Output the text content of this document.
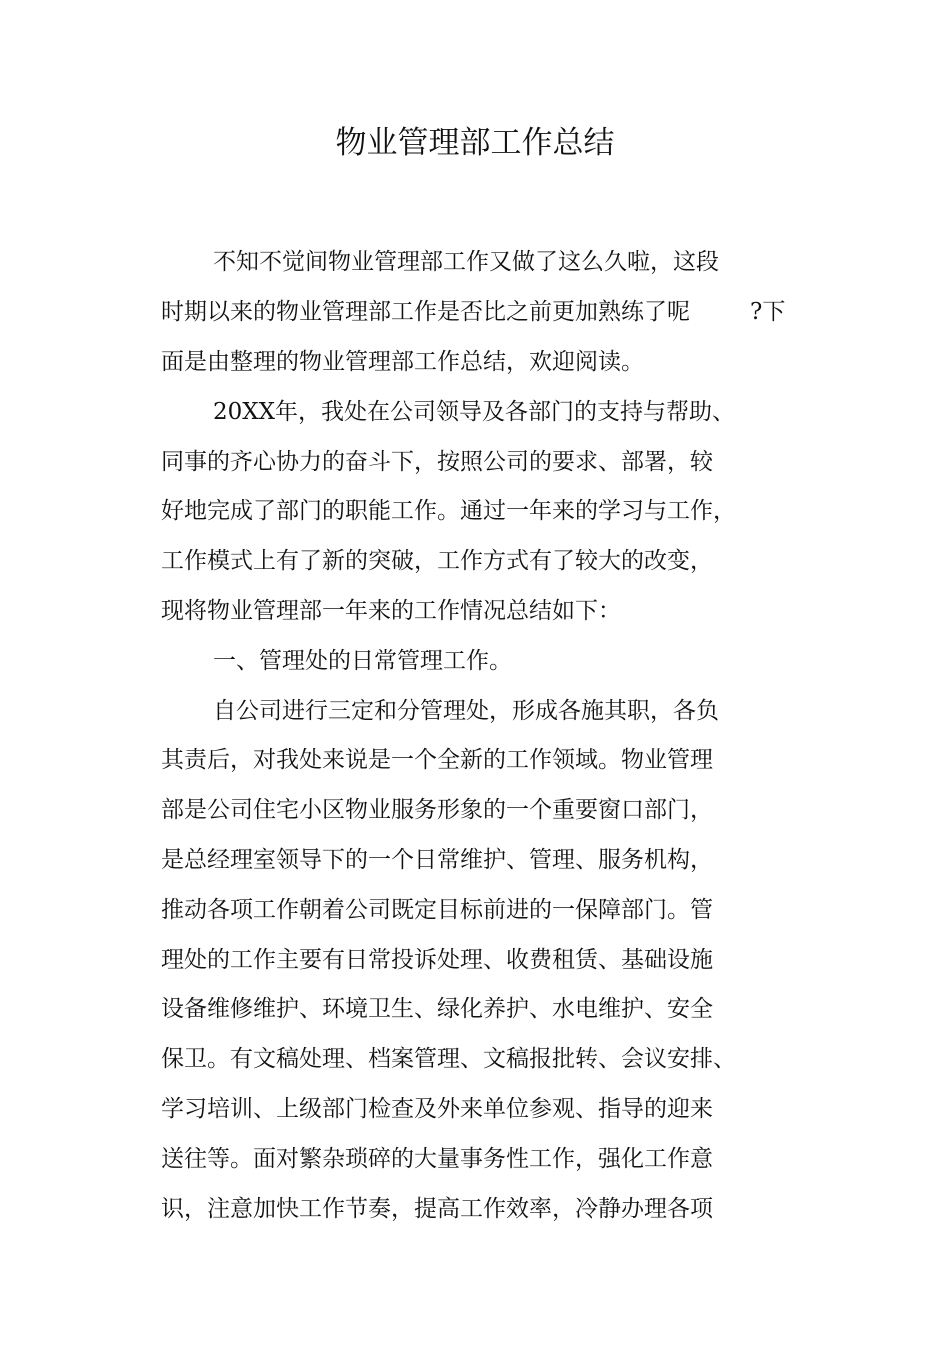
物业管理部工作总结
不知不觉间物业管理部工作又做了这么久啦，这段
时期以来的物业管理部工作是否比之前更加熟练了呢	?下
面是由整理的物业管理部工作总结，欢迎阅读。
20XX年，我处在公司领导及各部门的支持与帮助、
同事的齐心协力的奋斗下，按照公司的要求、部署，较
好地完成了部门的职能工作。通过一年来的学习与工作，
工作模式上有了新的突破，工作方式有了较大的改变，
现将物业管理部一年来的工作情况总结如下：
一、管理处的日常管理工作。
自公司进行三定和分管理处，形成各施其职，各负
其责后，对我处来说是一个全新的工作领域。物业管理
部是公司住宅小区物业服务形象的一个重要窗口部门，
是总经理室领导下的一个日常维护、管理、服务机构，
推动各项工作朝着公司既定目标前进的一保障部门。管
理处的工作主要有日常投诉处理、收费租赁、基础设施
设备维修维护、环境卫生、绿化养护、水电维护、安全
保卫。有文稿处理、档案管理、文稿报批转、会议安排、
学习培训、上级部门检查及外来单位参观、指导的迎来
送往等。面对繁杂琐碎的大量事务性工作，强化工作意
识，注意加快工作节奏，提高工作效率，冷静办理各项
